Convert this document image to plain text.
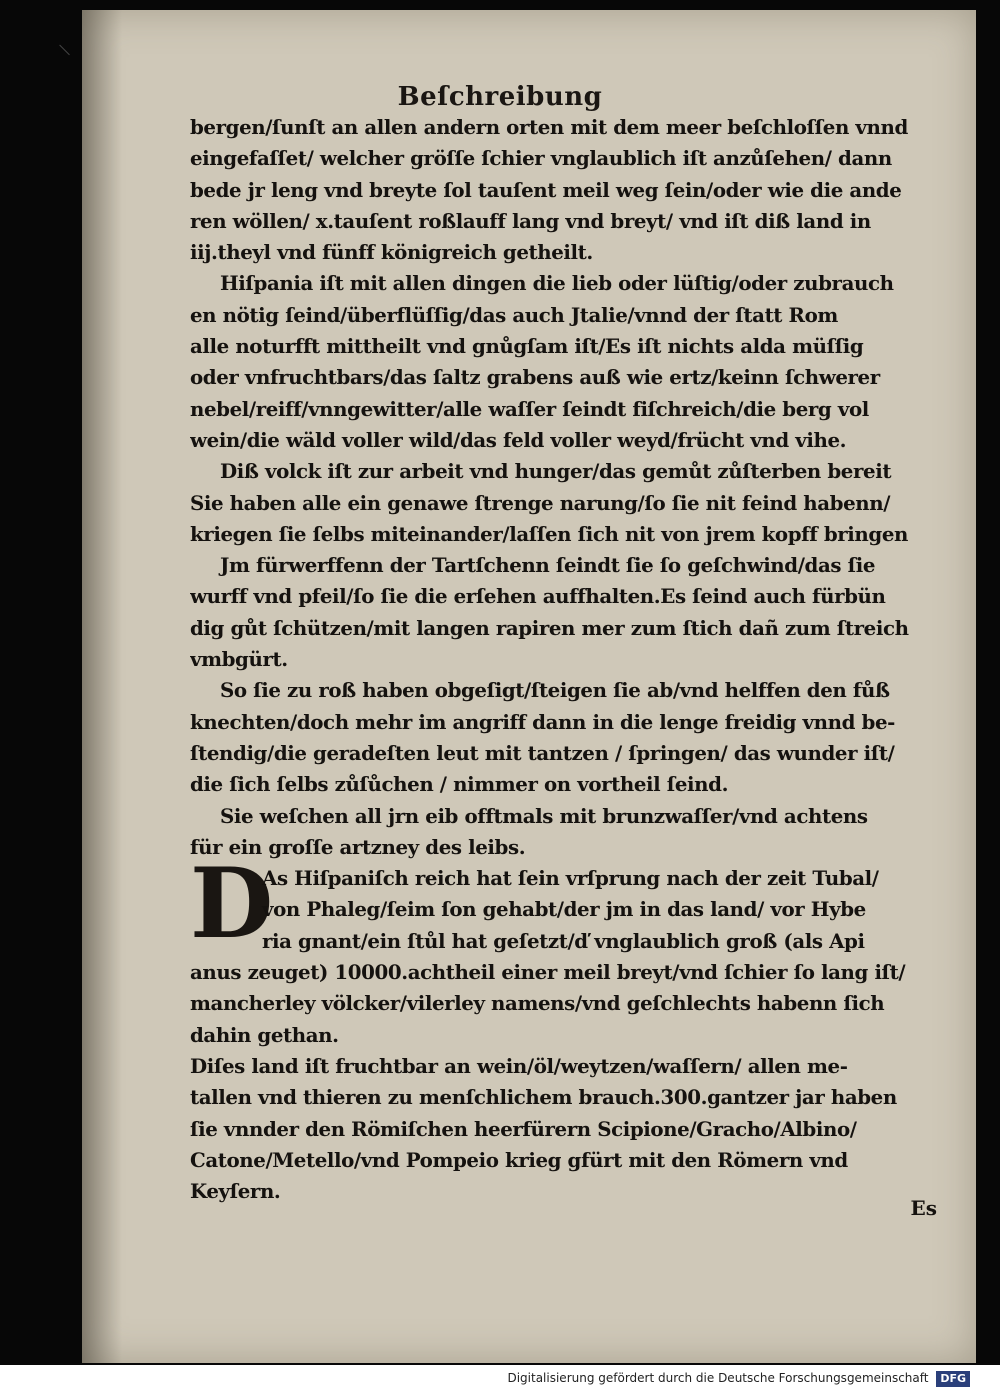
Beſchreibung
D
bergen/ſunſt an allen andern orten mit dem meer beſchloſſen vnnd
eingefaſſet/ welcher gröſſe ſchier vnglaublich iſt anzůſehen/ dann
bede jr leng vnd breyte ſol tauſent meil weg ſein/oder wie die ande
ren wöllen/ x.tauſent roßlauff lang vnd breyt/ vnd iſt diß land in
iij.theyl vnd fünff königreich getheilt.
Hiſpania iſt mit allen dingen die lieb oder lüſtig/oder zubrauch
en nötig ſeind/überflüſſig/das auch Jtalie/vnnd der ſtatt Rom
alle noturfft mittheilt vnd gnůgſam iſt/Es iſt nichts alda müſſig
oder vnfruchtbars/das ſaltz grabens auß wie ertz/keinn ſchwerer
nebel/reiff/vnngewitter/alle waſſer ſeindt fiſchreich/die berg vol
wein/die wäld voller wild/das feld voller weyd/frücht vnd vihe.
Diß volck iſt zur arbeit vnd hunger/das gemůt zůſterben bereit
Sie haben alle ein genawe ſtrenge narung/ſo ſie nit feind habenn/
kriegen ſie ſelbs miteinander/laſſen ſich nit von jrem kopff bringen
Jm fürwerffenn der Tartſchenn ſeindt ſie ſo geſchwind/das ſie
wurff vnd pfeil/ſo ſie die erſehen auffhalten.Es ſeind auch fürbün
dig gůt ſchützen/mit langen rapiren mer zum ſtich dañ zum ſtreich
vmbgürt.
So ſie zu roß haben obgeſigt/ſteigen ſie ab/vnd helffen den fůß
knechten/doch mehr im angriff dann in die lenge freidig vnnd be-
ſtendig/die geradeſten leut mit tantzen / ſpringen/ das wunder iſt/
die ſich ſelbs zůſůchen / nimmer on vortheil ſeind.
Sie weſchen all jrn eib offtmals mit brunzwaſſer/vnd achtens
für ein groſſe artzney des leibs.
As Hiſpaniſch reich hat ſein vrſprung nach der zeit Tubal/
von Phaleg/ſeim ſon gehabt/der jm in das land/ vor Hybe
ria gnant/ein ſtůl hat geſetzt/ď vnglaublich groß (als Api
anus zeuget) 10000.achtheil einer meil breyt/vnd ſchier ſo lang iſt/
mancherley völcker/vilerley namens/vnd geſchlechts habenn ſich
dahin gethan.
Diſes land iſt fruchtbar an wein/öl/weytzen/waſſern/ allen me-
tallen vnd thieren zu menſchlichem brauch.300.gantzer jar haben
ſie vnnder den Römiſchen heerfürern Scipione/Gracho/Albino/
Catone/Metello/vnd Pompeio krieg gfürt mit den Römern vnd
Keyſern.
Es
Digitalisierung gefördert durch die Deutsche Forschungsgemeinschaft DFG
